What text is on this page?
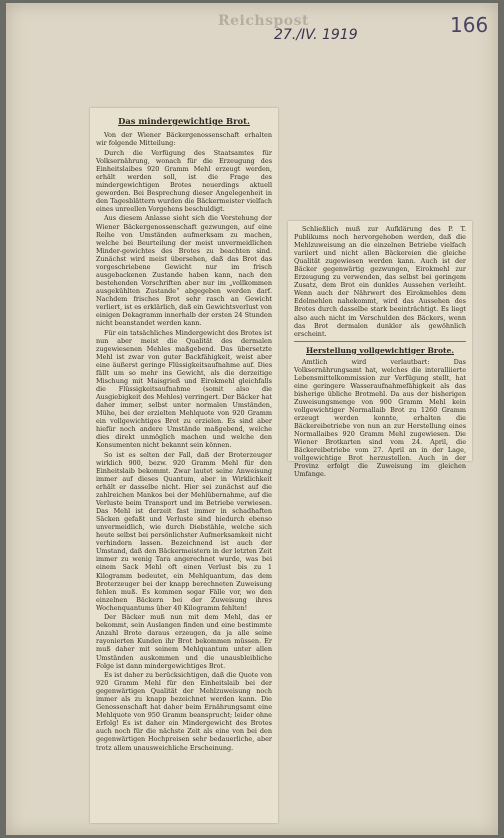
Reichspost
27./IV. 1919	166
Das mindergewichtige Brot.

Von der Wiener Bäckergenossenschaft erhalten wir folgende Mitteilung:

Durch die Verfügung des Staatsamtes für Volksernährung, wonach für die Erzeugung des Einheitslaibes 920 Gramm Mehl erzeugt werden, erhält werden soll, ist die Frage des mindergewichtigen Brotes neuerdings aktuell geworden. Bei Besprechung dieser Angelegenheit in den Tagesblättern wurden die Bäckermeister vielfach eines unreellen Vorgehens beschuldigt.

Aus diesem Anlasse sieht sich die Vorstehung der Wiener Bäckergenossenschaft gezwungen, auf eine Reihe von Umständen aufmerksam zu machen, welche bei Beurteilung der meist unvermeidlichen Minder-gewichtes des Brotes zu beachten sind. Zunächst wird meist übersehen, daß das Brot das vorgeschriebene Gewicht nur im frisch ausgebackenen Zustande haben kann, nach den bestehenden Vorschriften aber nur im „vollkommen ausgekühlten Zustande“ abgegeben werden darf. Nachdem frisches Brot sehr rasch an Gewicht verliert, ist es erklärlich, daß ein Gewichtsverlust von einigen Dekagramm innerhalb der ersten 24 Stunden nicht beanstandet werden kann.

Für ein tatsächliches Mindergewicht des Brotes ist nun aber meist die Qualität des dermalen zugewiesenen Mehles maßgebend. Das übersetzte Mehl ist zwar von guter Backfähigkeit, weist aber eine äußerst geringe Flüssigkeitsaufnahme auf. Dies fällt um so mehr ins Gewicht, als die derzeitige Mischung mit Maisgrieß und Eirokmehl gleichfalls die Flüssigkeitsaufnahme (somit also die Ausgiebigkeit des Mehles) verringert. Der Bäcker hat daher immer, selbst unter normalen Umständen, Mühe, bei der erzielten Mehlquote von 920 Gramm ein vollgewichtiges Brot zu erzielen. Es sind aber hiefür noch andere Umstände maßgebend, welche dies direkt unmöglich machen und welche den Konsumenten nicht bekannt sein können.

So ist es selten der Fall, daß der Broterzeuger wirklich 900, bezw. 920 Gramm Mehl für den Einheitslaib bekommt. Zwar lautet seine Anweisung immer auf dieses Quantum, aber in Wirklichkeit erhält er dasselbe nicht. Hier sei zunächst auf die zahlreichen Mankos bei der Mehlübernahme, auf die Verluste beim Transport und im Betriebe verwiesen. Das Mehl ist derzeit fast immer in schadhaften Säcken gefaßt und Verluste sind hiedurch ebenso unvermeidlich, wie durch Diebstähle, welche sich heute selbst bei persönlichster Aufmerksamkeit nicht verhindern lassen. Bezeichnend ist auch der Umstand, daß den Bäckermeistern in der letzten Zeit immer zu wenig Tara angerechnet wurde, was bei einem Sack Mehl oft einen Verlust bis zu 1 Kilogramm bedeutet, ein Mehlquantum, das dem Broterzeuger bei der knapp berechneten Zuweisung fehlen muß. Es kommen sogar Fälle vor, wo den einzelnen Bäckern bei der Zuweisung ihres Wochenquantums über 40 Kilogramm fehlten!

Der Bäcker muß nun mit dem Mehl, das er bekommt, sein Auslangen finden und eine bestimmte Anzahl Brote daraus erzeugen, da ja alle seine rayonierten Kunden ihr Brot bekommen müssen. Er muß daher mit seinem Mehlquantum unter allen Umständen auskommen und die unausbleibliche Folge ist dann mindergewichtiges Brot.

Es ist daher zu berücksichtigen, daß die Quote von 920 Gramm Mehl für den Einheitslaib bei der gegenwärtigen Qualität der Mehlzuweisung noch immer als zu knapp bezeichnet werden kann. Die Genossenschaft hat daher beim Ernährungsamt eine Mehlquote von 950 Gramm beansprucht; leider ohne Erfolg! Es ist daher ein Mindergewicht des Brotes auch noch für die nächste Zeit als eine von bei den gegenwärtigen Hochpreisen sehr bedauerliche, aber trotz allem unausweichliche Erscheinung.

Schließlich muß zur Aufklärung des P. T. Publikums noch hervorgehoben werden, daß die Mehlzuweisung an die einzelnen Betriebe vielfach variiert und nicht allen Bäckereien die gleiche Qualität zugewiesen werden kann. Auch ist der Bäcker gegenwärtig gezwungen, Eirokmehl zur Erzeugung zu verwenden, das selbst bei geringem Zusatz, dem Brot ein dunkles Aussehen verleiht. Wenn auch der Nährwert des Eirokmehles dem Edelmehlen nahekommt, wird das Aussehen des Brotes durch dasselbe stark beeinträchtigt. Es liegt also auch nicht im Verschulden des Bäckers, wenn das Brot dermalen dunkler als gewöhnlich erscheint.

Herstellung vollgewichtiger Brote.

Amtlich wird verlautbart: Das Volksernährungsamt hat, welches die interalliierte Lebensmittelkommission zur Verfügung stellt, hat eine geringere Wasseraufnahmefähigkeit als das bisherige übliche Brotmehl. Da aus der bisherigen Zuweisungsmenge von 900 Gramm Mehl kein vollgewichtiger Normallaib Brot zu 1260 Gramm erzeugt werden konnte, erhalten die Bäckereibetriebe von nun an zur Herstellung eines Normallaibes 920 Gramm Mehl zugewiesen. Die Wiener Brotkarten sind vom 24. April, die Bäckereibetriebe vom 27. April an in der Lage, vollgewichtige Brot herzustellen. Auch in der Provinz erfolgt die Zuweisung im gleichen Umfange.
